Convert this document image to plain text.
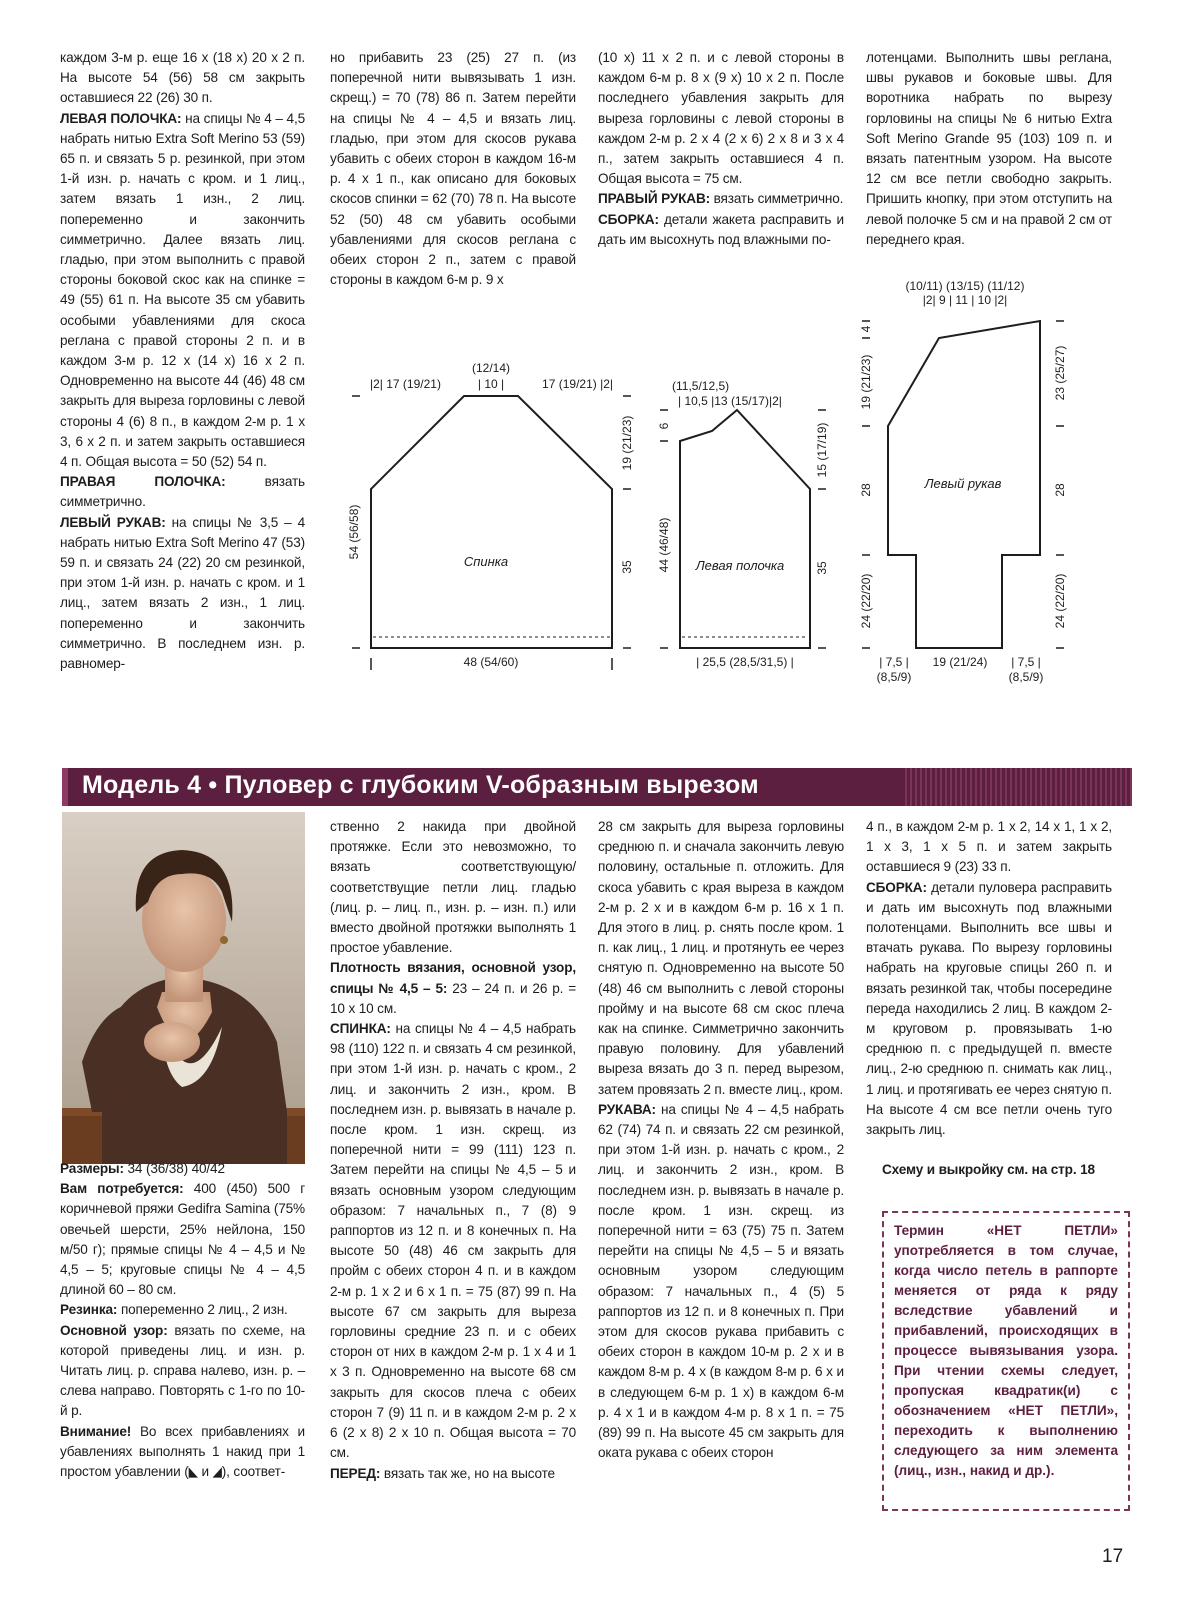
каждом 3-м р. еще 16 х (18 х) 20 х 2 п. На высоте 54 (56) 58 см закрыть оставшиеся 22 (26) 30 п.

ЛЕВАЯ ПОЛОЧКА: на спицы № 4 – 4,5 набрать нитью Extra Soft Merino 53 (59) 65 п. и связать 5 р. резинкой, при этом 1-й изн. р. начать с кром. и 1 лиц., затем вязать 1 изн., 2 лиц. попеременно и закончить симметрично. Далее вязать лиц. гладью, при этом выполнить с правой стороны боковой скос как на спинке = 49 (55) 61 п. На высоте 35 см убавить особыми убавлениями для скоса реглана с правой стороны 2 п. и в каждом 3-м р. 12 х (14 х) 16 х 2 п. Одновременно на высоте 44 (46) 48 см закрыть для выреза горловины с левой стороны 4 (6) 8 п., в каждом 2-м р. 1 х 3, 6 х 2 п. и затем закрыть оставшиеся 4 п. Общая высота = 50 (52) 54 п.

ПРАВАЯ ПОЛОЧКА: вязать симметрично.

ЛЕВЫЙ РУКАВ: на спицы № 3,5 – 4 набрать нитью Extra Soft Merino 47 (53) 59 п. и связать 24 (22) 20 см резинкой, при этом 1-й изн. р. начать с кром. и 1 лиц., затем вязать 2 изн., 1 лиц. попеременно и закончить симметрично. В последнем изн. р. равномер-

но прибавить 23 (25) 27 п. (из поперечной нити вывязывать 1 изн. скрещ.) = 70 (78) 86 п. Затем перейти на спицы № 4 – 4,5 и вязать лиц. гладью, при этом для скосов рукава убавить с обеих сторон в каждом 16-м р. 4 х 1 п., как описано для боковых скосов спинки = 62 (70) 78 п. На высоте 52 (50) 48 см убавить особыми убавлениями для скосов реглана с обеих сторон 2 п., затем с правой стороны в каждом 6-м р. 9 х

(10 х) 11 х 2 п. и с левой стороны в каждом 6-м р. 8 х (9 х) 10 х 2 п. После последнего убавления закрыть для выреза горловины с левой стороны в каждом 2-м р. 2 х 4 (2 х 6) 2 х 8 и 3 х 4 п., затем закрыть оставшиеся 4 п. Общая высота = 75 см.

ПРАВЫЙ РУКАВ: вязать симметрично.

СБОРКА: детали жакета расправить и дать им высохнуть под влажными по-

лотенцами. Выполнить швы реглана, швы рукавов и боковые швы. Для воротника набрать по вырезу горловины на спицы № 6 нитью Extra Soft Merino Grande 95 (103) 109 п. и вязать патентным узором. На высоте 12 см все петли свободно закрыть. Пришить кнопку, при этом отступить на левой полочке 5 см и на правой 2 см от переднего края.

(12/14)
|2| 17 (19/21)	| 10 |	17 (19/21) |2|
54 (56/58)
19 (21/23)
35
Спинка
48 (54/60)
(11,5/12,5)
| 10,5 |13 (15/17)|2|
6
44 (46/48)
15 (17/19)
35
Левая полочка
| 25,5 (28,5/31,5) |
(10/11) (13/15) (11/12)
|2| 9 | 11 | 10 |2|
4
19 (21/23)
28
24 (22/20)
23 (25/27)
28
24 (22/20)
Левый рукав
| 7,5 |
(8,5/9)
19 (21/24) | 7,5 |
(8,5/9)
Модель 4 • Пуловер с глубоким V-образным вырезом

Размеры: 34 (36/38) 40/42

Вам потребуется: 400 (450) 500 г коричневой пряжи Gedifra Samina (75% овечьей шерсти, 25% нейлона, 150 м/50 г); прямые спицы № 4 – 4,5 и № 4,5 – 5; круговые спицы № 4 – 4,5 длиной 60 – 80 см.

Резинка: попеременно 2 лиц., 2 изн.

Основной узор: вязать по схеме, на которой приведены лиц. и изн. р. Читать лиц. р. справа налево, изн. р. – слева направо. Повторять с 1-го по 10-й р.

Внимание! Во всех прибавлениях и убавлениях выполнять 1 накид при 1 простом убавлении (◣ и ◢), соответ-

ственно 2 накида при двойной протяжке. Если это невозможно, то вязать соответствующую/соответствущие петли лиц. гладью (лиц. р. – лиц. п., изн. р. – изн. п.) или вместо двойной протяжки выполнять 1 простое убавление.

Плотность вязания, основной узор, спицы № 4,5 – 5: 23 – 24 п. и 26 р. = 10 х 10 см.

СПИНКА: на спицы № 4 – 4,5 набрать 98 (110) 122 п. и связать 4 см резинкой, при этом 1-й изн. р. начать с кром., 2 лиц. и закончить 2 изн., кром. В последнем изн. р. вывязать в начале р. после кром. 1 изн. скрещ. из поперечной нити = 99 (111) 123 п. Затем перейти на спицы № 4,5 – 5 и вязать основным узором следующим образом: 7 начальных п., 7 (8) 9 раппортов из 12 п. и 8 конечных п. На высоте 50 (48) 46 см закрыть для пройм с обеих сторон 4 п. и в каждом 2-м р. 1 х 2 и 6 х 1 п. = 75 (87) 99 п. На высоте 67 см закрыть для выреза горловины средние 23 п. и с обеих сторон от них в каждом 2-м р. 1 х 4 и 1 х 3 п. Одновременно на высоте 68 см закрыть для скосов плеча с обеих сторон 7 (9) 11 п. и в каждом 2-м р. 2 х 6 (2 х 8) 2 х 10 п. Общая высота = 70 см.

ПЕРЕД: вязать так же, но на высоте

28 см закрыть для выреза горловины среднюю п. и сначала закончить левую половину, остальные п. отложить. Для скоса убавить с края выреза в каждом 2-м р. 2 х и в каждом 6-м р. 16 х 1 п. Для этого в лиц. р. снять после кром. 1 п. как лиц., 1 лиц. и протянуть ее через снятую п. Одновременно на высоте 50 (48) 46 см выполнить с левой стороны пройму и на высоте 68 см скос плеча как на спинке. Симметрично закончить правую половину. Для убавлений выреза вязать до 3 п. перед вырезом, затем провязать 2 п. вместе лиц., кром.

РУКАВА: на спицы № 4 – 4,5 набрать 62 (74) 74 п. и связать 22 см резинкой, при этом 1-й изн. р. начать с кром., 2 лиц. и закончить 2 изн., кром. В последнем изн. р. вывязать в начале р. после кром. 1 изн. скрещ. из поперечной нити = 63 (75) 75 п. Затем перейти на спицы № 4,5 – 5 и вязать основным узором следующим образом: 7 начальных п., 4 (5) 5 раппортов из 12 п. и 8 конечных п. При этом для скосов рукава прибавить с обеих сторон в каждом 10-м р. 2 х и в каждом 8-м р. 4 х (в каждом 8-м р. 6 х и в следующем 6-м р. 1 х) в каждом 6-м р. 4 х 1 и в каждом 4-м р. 8 х 1 п. = 75 (89) 99 п. На высоте 45 см закрыть для оката рукава с обеих сторон

4 п., в каждом 2-м р. 1 х 2, 14 х 1, 1 х 2, 1 х 3, 1 х 5 п. и затем закрыть оставшиеся 9 (23) 33 п.

СБОРКА: детали пуловера расправить и дать им высохнуть под влажными полотенцами. Выполнить все швы и втачать рукава. По вырезу горловины набрать на круговые спицы 260 п. и вязать резинкой так, чтобы посередине переда находились 2 лиц. В каждом 2-м круговом р. провязывать 1-ю среднюю п. с предыдущей п. вместе лиц., 2-ю среднюю п. снимать как лиц., 1 лиц. и протягивать ее через снятую п. На высоте 4 см все петли очень туго закрыть лиц.

Схему и выкройку см. на стр. 18

Термин «НЕТ ПЕТЛИ» употребляется в том случае, когда число петель в раппорте меняется от ряда к ряду вследствие убавлений и прибавлений, происходящих в процессе вывязывания узора. При чтении схемы следует, пропуская квадратик(и) с обозначением «НЕТ ПЕТЛИ», переходить к выполнению следующего за ним элемента (лиц., изн., накид и др.).

17
